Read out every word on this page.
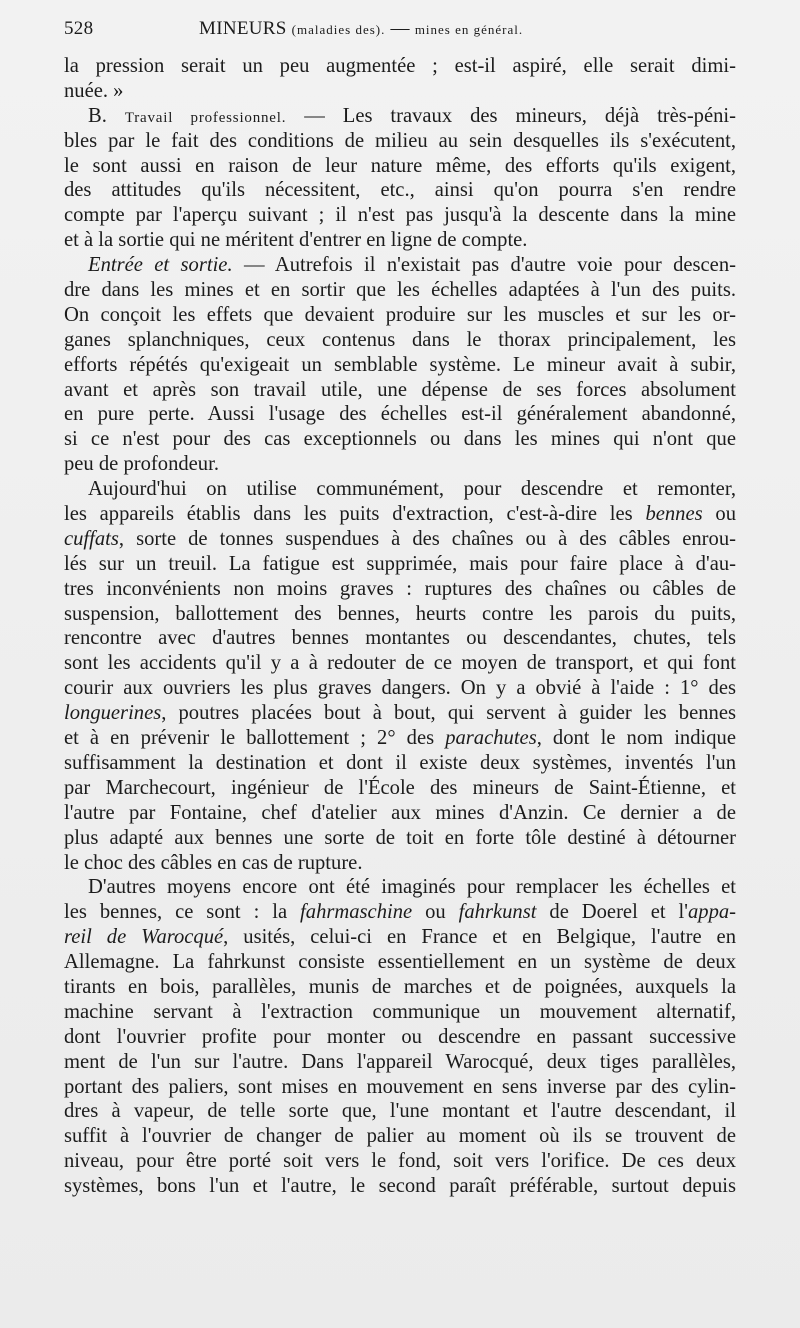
528	MINEURS (maladies des). — mines en général.
la pression serait un peu augmentée ; est-il aspiré, elle serait dimi-
nuée. »
B. Travail professionnel. — Les travaux des mineurs, déjà très-péni-
bles par le fait des conditions de milieu au sein desquelles ils s'exécutent,
le sont aussi en raison de leur nature même, des efforts qu'ils exigent,
des attitudes qu'ils nécessitent, etc., ainsi qu'on pourra s'en rendre
compte par l'aperçu suivant ; il n'est pas jusqu'à la descente dans la mine
et à la sortie qui ne méritent d'entrer en ligne de compte.
Entrée et sortie. — Autrefois il n'existait pas d'autre voie pour descen-
dre dans les mines et en sortir que les échelles adaptées à l'un des puits.
On conçoit les effets que devaient produire sur les muscles et sur les or-
ganes splanchniques, ceux contenus dans le thorax principalement, les
efforts répétés qu'exigeait un semblable système. Le mineur avait à subir,
avant et après son travail utile, une dépense de ses forces absolument
en pure perte. Aussi l'usage des échelles est-il généralement abandonné,
si ce n'est pour des cas exceptionnels ou dans les mines qui n'ont que
peu de profondeur.
Aujourd'hui on utilise communément, pour descendre et remonter,
les appareils établis dans les puits d'extraction, c'est-à-dire les bennes ou
cuffats, sorte de tonnes suspendues à des chaînes ou à des câbles enrou-
lés sur un treuil. La fatigue est supprimée, mais pour faire place à d'au-
tres inconvénients non moins graves : ruptures des chaînes ou câbles de
suspension, ballottement des bennes, heurts contre les parois du puits,
rencontre avec d'autres bennes montantes ou descendantes, chutes, tels
sont les accidents qu'il y a à redouter de ce moyen de transport, et qui font
courir aux ouvriers les plus graves dangers. On y a obvié à l'aide : 1° des
longuerines, poutres placées bout à bout, qui servent à guider les bennes
et à en prévenir le ballottement ; 2° des parachutes, dont le nom indique
suffisamment la destination et dont il existe deux systèmes, inventés l'un
par Marchecourt, ingénieur de l'École des mineurs de Saint-Étienne, et
l'autre par Fontaine, chef d'atelier aux mines d'Anzin. Ce dernier a de
plus adapté aux bennes une sorte de toit en forte tôle destiné à détourner
le choc des câbles en cas de rupture.
D'autres moyens encore ont été imaginés pour remplacer les échelles et
les bennes, ce sont : la fahrmaschine ou fahrkunst de Doerel et l'appa-
reil de Warocqué, usités, celui-ci en France et en Belgique, l'autre en
Allemagne. La fahrkunst consiste essentiellement en un système de deux
tirants en bois, parallèles, munis de marches et de poignées, auxquels la
machine servant à l'extraction communique un mouvement alternatif,
dont l'ouvrier profite pour monter ou descendre en passant successive
ment de l'un sur l'autre. Dans l'appareil Warocqué, deux tiges parallèles,
portant des paliers, sont mises en mouvement en sens inverse par des cylin-
dres à vapeur, de telle sorte que, l'une montant et l'autre descendant, il
suffit à l'ouvrier de changer de palier au moment où ils se trouvent de
niveau, pour être porté soit vers le fond, soit vers l'orifice. De ces deux
systèmes, bons l'un et l'autre, le second paraît préférable, surtout depuis
